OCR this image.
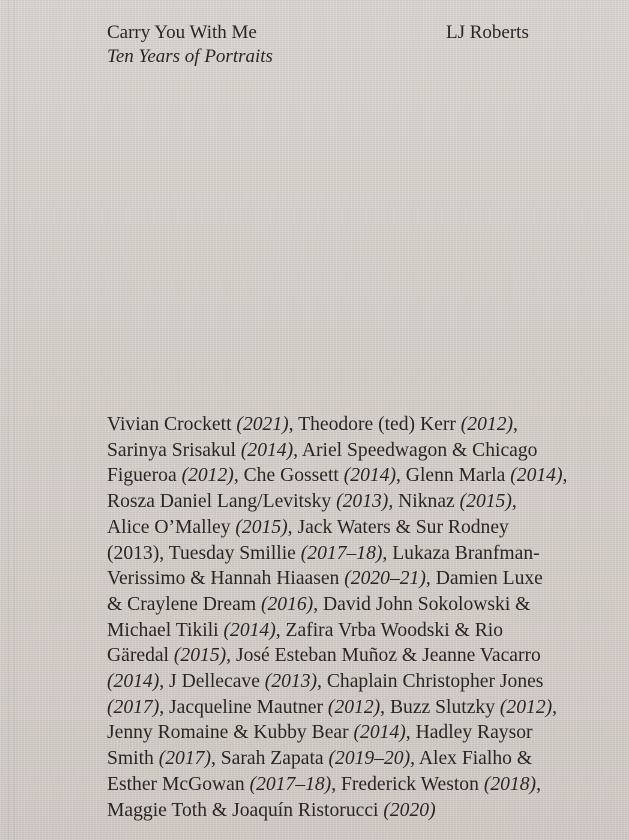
Carry You With Me
Ten Years of Portraits
LJ Roberts
Vivian Crockett (2021), Theodore (ted) Kerr (2012),
Sarinya Srisakul (2014), Ariel Speedwagon & Chicago
Figueroa (2012), Che Gossett (2014), Glenn Marla (2014),
Rosza Daniel Lang/Levitsky (2013), Niknaz (2015),
Alice O’Malley (2015), Jack Waters & Sur Rodney
(2013), Tuesday Smillie (2017–18), Lukaza Branfman-
Verissimo & Hannah Hiaasen (2020–21), Damien Luxe
& Craylene Dream (2016), David John Sokolowski &
Michael Tikili (2014), Zafira Vrba Woodski & Rio
Gäredal (2015), José Esteban Muñoz & Jeanne Vacarro
(2014), J Dellecave (2013), Chaplain Christopher Jones
(2017), Jacqueline Mautner (2012), Buzz Slutzky (2012),
Jenny Romaine & Kubby Bear (2014), Hadley Raysor
Smith (2017), Sarah Zapata (2019–20), Alex Fialho &
Esther McGowan (2017–18), Frederick Weston (2018),
Maggie Toth & Joaquín Ristorucci (2020)
